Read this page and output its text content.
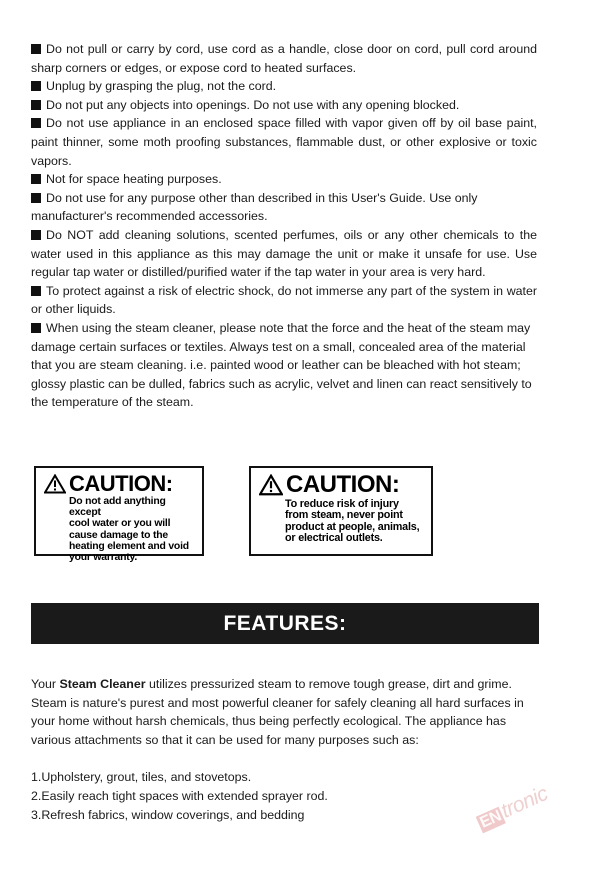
Do not pull or carry by cord, use cord as a handle, close door on cord, pull cord around sharp corners or edges, or expose cord to heated surfaces.

Unplug by grasping the plug, not the cord.

Do not put any objects into openings. Do not use with any opening blocked.

Do not use appliance in an enclosed space filled with vapor given off by oil base paint, paint thinner, some moth proofing substances, flammable dust, or other explosive or toxic vapors.

Not for space heating purposes.

Do not use for any purpose other than described in this User's Guide. Use only manufacturer's recommended accessories.

Do NOT add cleaning solutions, scented perfumes, oils or any other chemicals to the water used in this appliance as this may damage the unit or make it unsafe for use. Use regular tap water or distilled/purified water if the tap water in your area is very hard.

To protect against a risk of electric shock, do not immerse any part of the system in water or other liquids.

When using the steam cleaner, please note that the force and the heat of the steam may damage certain surfaces or textiles. Always test on a small, concealed area of the material that you are steam cleaning. i.e. painted wood or leather can be bleached with hot steam; glossy plastic can be dulled, fabrics such as acrylic, velvet and linen can react sensitively to the temperature of the steam.

CAUTION:
Do not add anything except
cool water or you will
cause damage to the
heating element and void
your warranty.
CAUTION:
To reduce risk of injury
from steam, never point
product at people, animals,
or electrical outlets.
FEATURES:

Your Steam Cleaner utilizes pressurized steam to remove tough grease, dirt and grime. Steam is nature's purest and most powerful cleaner for safely cleaning all hard surfaces in your home without harsh chemicals, thus being perfectly ecological. The appliance has various attachments so that it can be used for many purposes such as:

1.Upholstery, grout, tiles, and stovetops.
2.Easily reach tight spaces with extended sprayer rod.
3.Refresh fabrics, window coverings, and bedding	ENtronic
